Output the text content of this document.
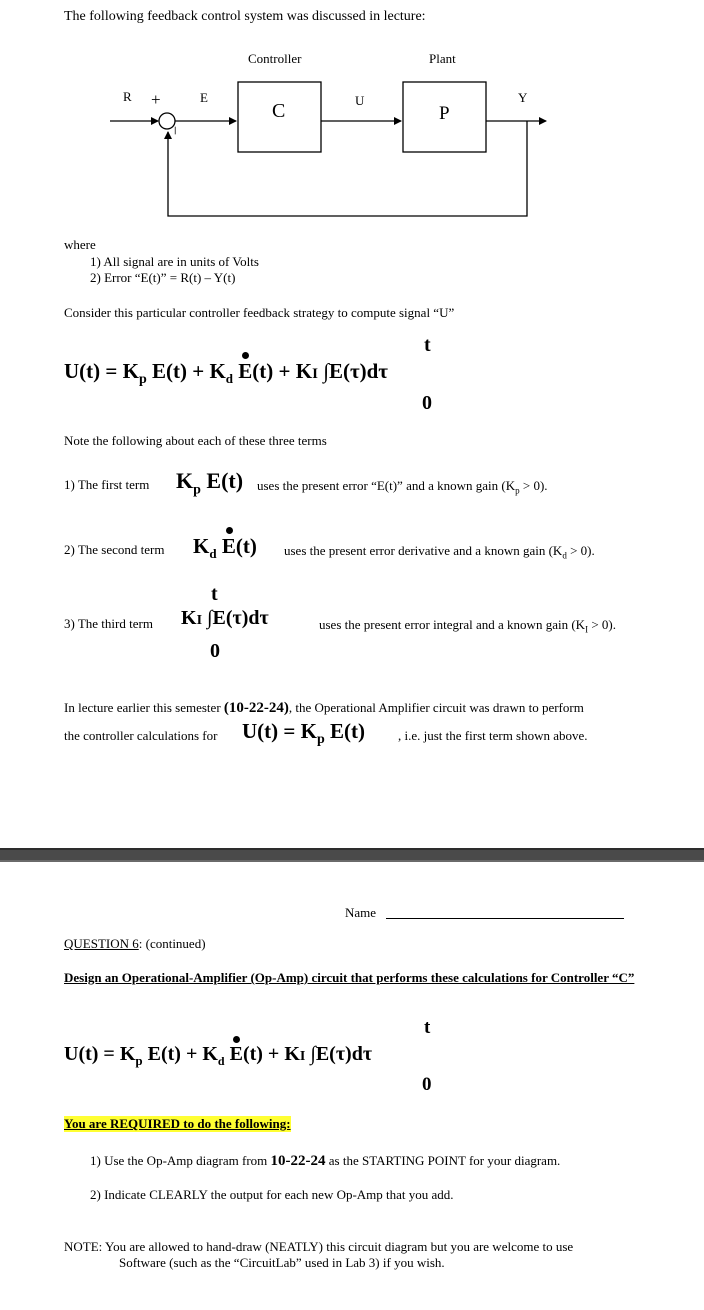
The following feedback control system was discussed in lecture:
Controller	Plant
C	P
R	E	U	Y
+
–
where
1) All signal are in units of Volts
2) Error “E(t)” = R(t) – Y(t)
Consider this particular controller feedback strategy to compute signal “U”
$U(t) = K_p$ $E(t) + K_d$ E(t) + KI ∫E(τ)dτ
t
0
Note the following about each of these three terms
1) The first term $K_p$ E(t) uses the present error “E(t)” and a known gain $(K_p > 0)$.
2) The second term $K_d$ E(t) uses the present error derivative and a known gain $(K_d > 0)$.
3) The third term KI ∫E(τ)dτ
t
0
uses the present error integral and a known gain $(K_I > 0)$.
In lecture earlier this semester (10-22-24), the Operational Amplifier circuit was drawn to perform
the controller calculations for $U(t) = K_p$ E(t)	, i.e. just the first term shown above.
Name
QUESTION 6: (continued)
Design an Operational-Amplifier (Op-Amp) circuit that performs these calculations for Controller “C”
$U(t) = K_p$ $E(t) + K_d$ E(t) + KI ∫E(τ)dτ
t
0
You are REQUIRED to do the following:
1) Use the Op-Amp diagram from 10-22-24 as the STARTING POINT for your diagram.
2) Indicate CLEARLY the output for each new Op-Amp that you add.
NOTE: You are allowed to hand-draw (NEATLY) this circuit diagram but you are welcome to use
Software (such as the “CircuitLab” used in Lab 3) if you wish.
